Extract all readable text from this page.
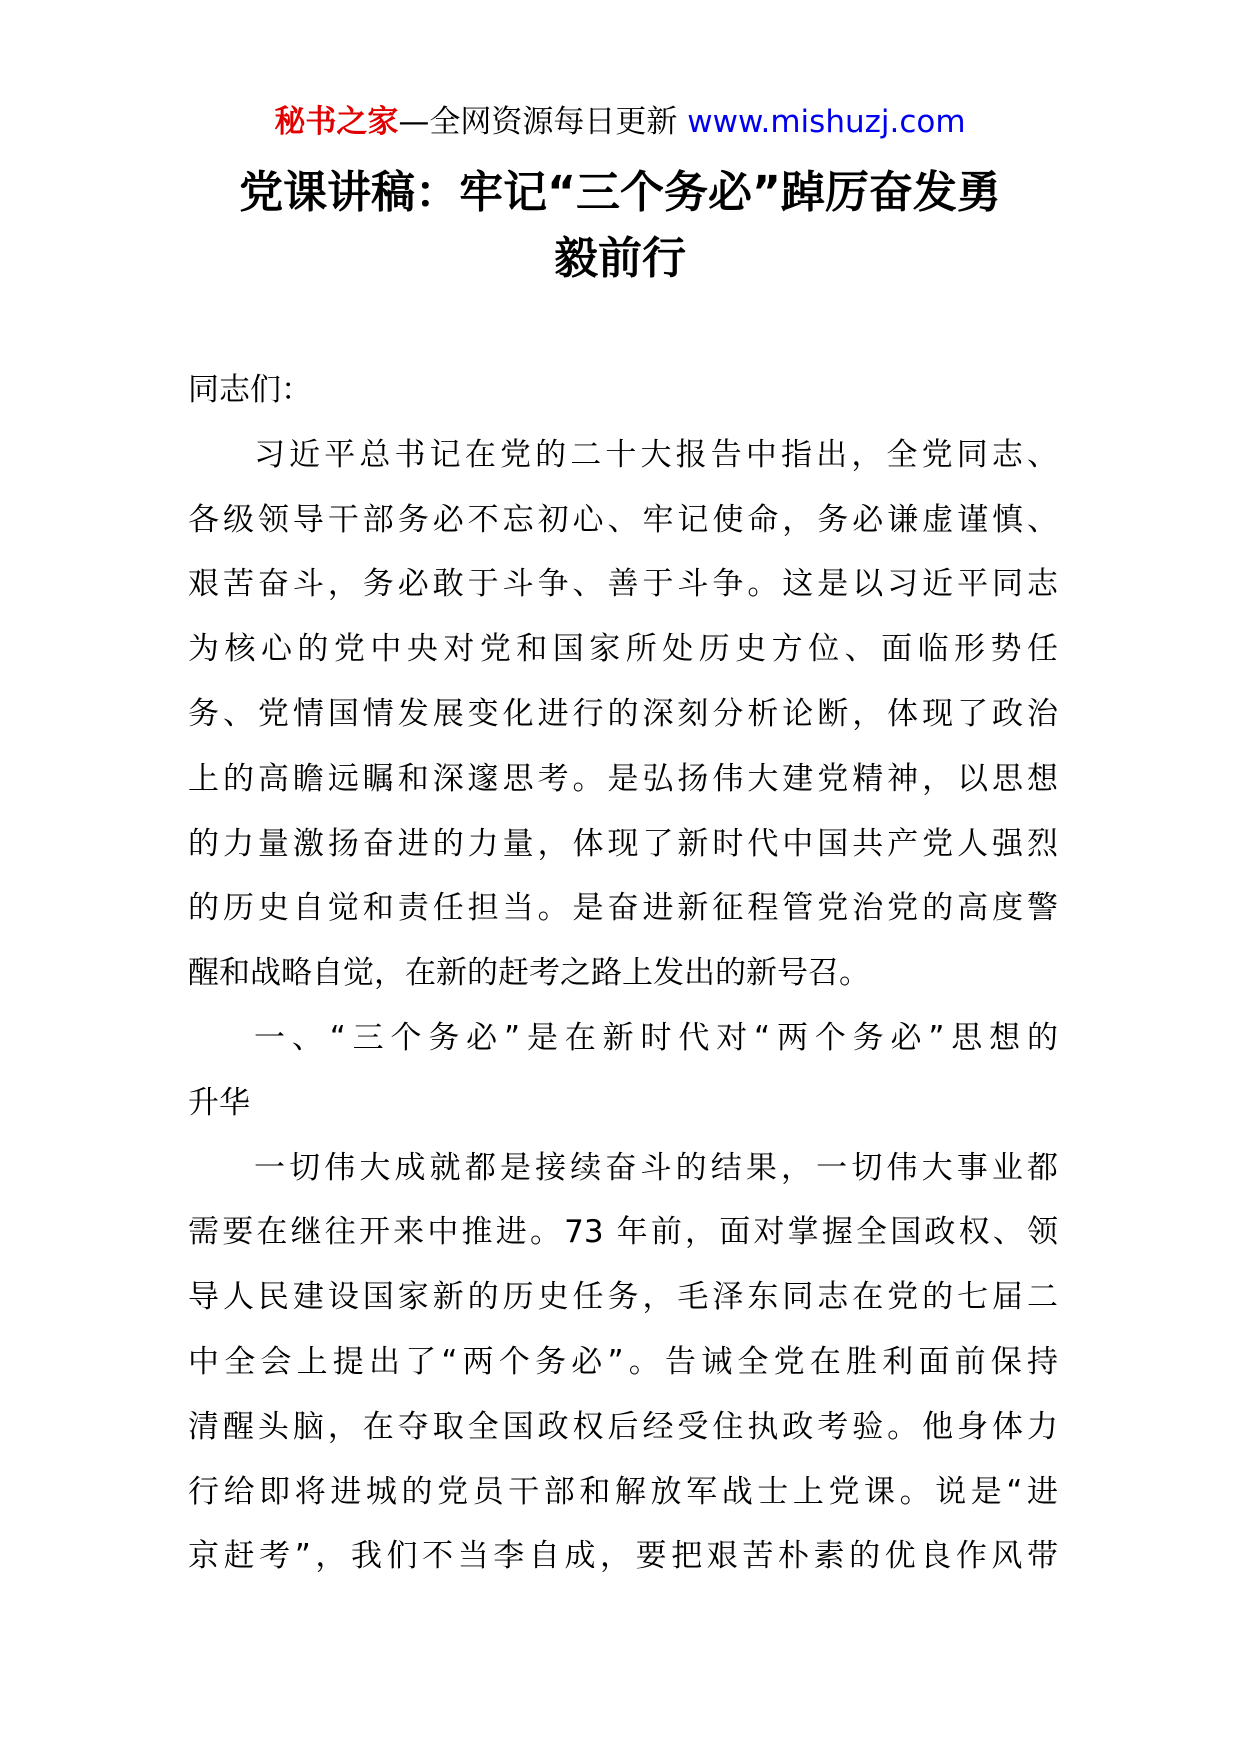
秘书之家—全网资源每日更新 www.mishuzj.com
党课讲稿：牢记“三个务必”踔厉奋发勇
毅前行
同志们：
习近平总书记在党的二十大报告中指出，全党同志、
各级领导干部务必不忘初心、牢记使命，务必谦虚谨慎、
艰苦奋斗，务必敢于斗争、善于斗争。这是以习近平同志
为核心的党中央对党和国家所处历史方位、面临形势任
务、党情国情发展变化进行的深刻分析论断，体现了政治
上的高瞻远瞩和深邃思考。是弘扬伟大建党精神，以思想
的力量激扬奋进的力量，体现了新时代中国共产党人强烈
的历史自觉和责任担当。是奋进新征程管党治党的高度警
醒和战略自觉，在新的赶考之路上发出的新号召。
一、“三个务必”是在新时代对“两个务必”思想的
升华
一切伟大成就都是接续奋斗的结果，一切伟大事业都
需要在继往开来中推进。73 年前，面对掌握全国政权、领
导人民建设国家新的历史任务，毛泽东同志在党的七届二
中全会上提出了“两个务必”。告诫全党在胜利面前保持
清醒头脑，在夺取全国政权后经受住执政考验。他身体力
行给即将进城的党员干部和解放军战士上党课。说是“进
京赶考”，我们不当李自成，要把艰苦朴素的优良作风带
